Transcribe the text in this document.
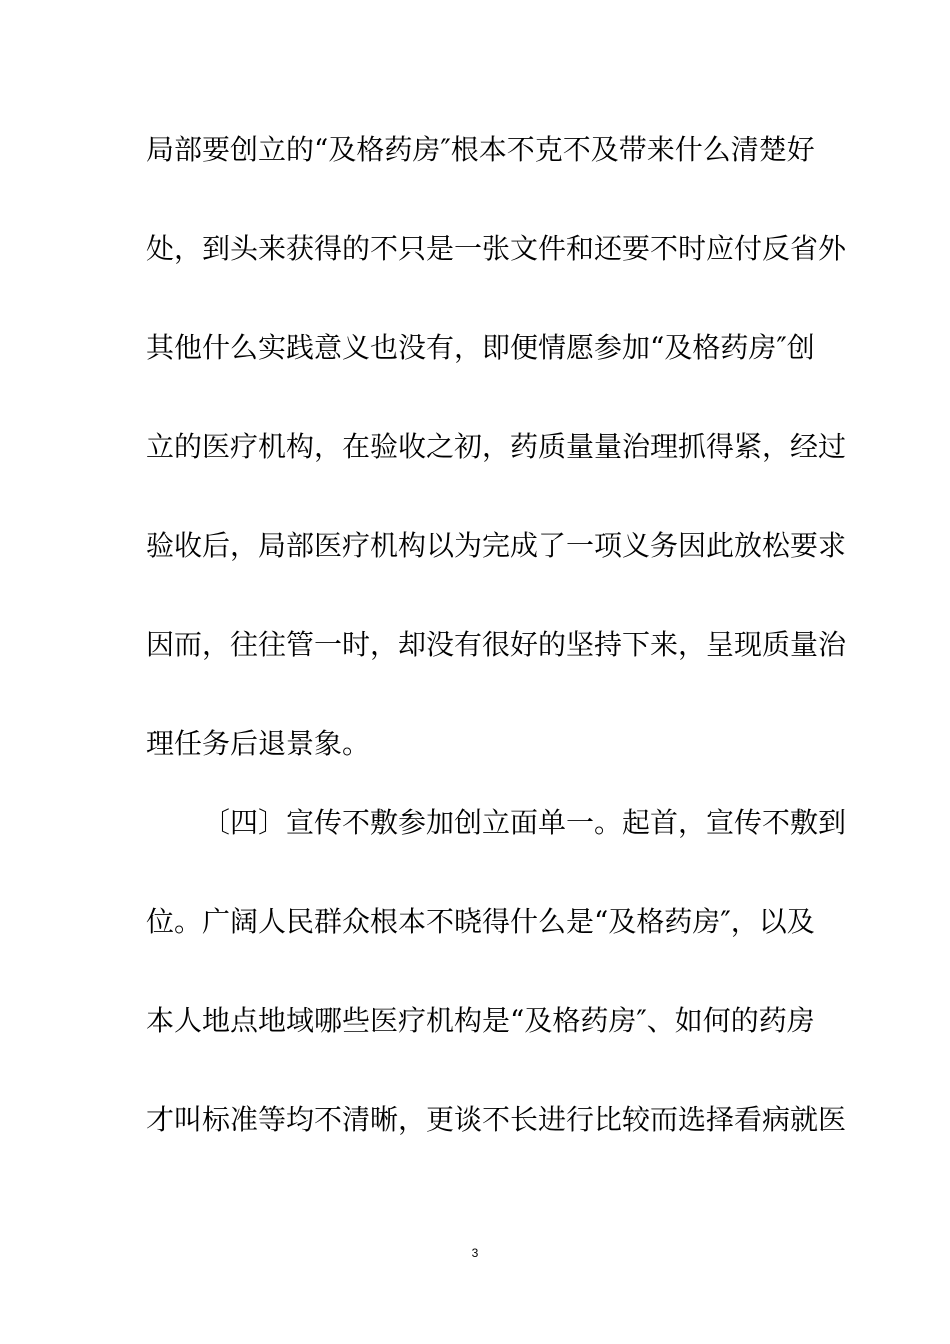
局部要创立的“及格药房″根本不克不及带来什么清楚好
处，到头来获得的不只是一张文件和还要不时应付反省外
其他什么实践意义也没有，即便情愿参加“及格药房″创
立的医疗机构，在验收之初，药质量量治理抓得紧，经过
验收后，局部医疗机构以为完成了一项义务因此放松要求
因而，往往管一时，却没有很好的坚持下来，呈现质量治
理任务后退景象。
〔四〕宣传不敷参加创立面单一。起首，宣传不敷到
位。广阔人民群众根本不晓得什么是“及格药房″，以及
本人地点地域哪些医疗机构是“及格药房″、如何的药房
才叫标准等均不清晰，更谈不长进行比较而选择看病就医
3
